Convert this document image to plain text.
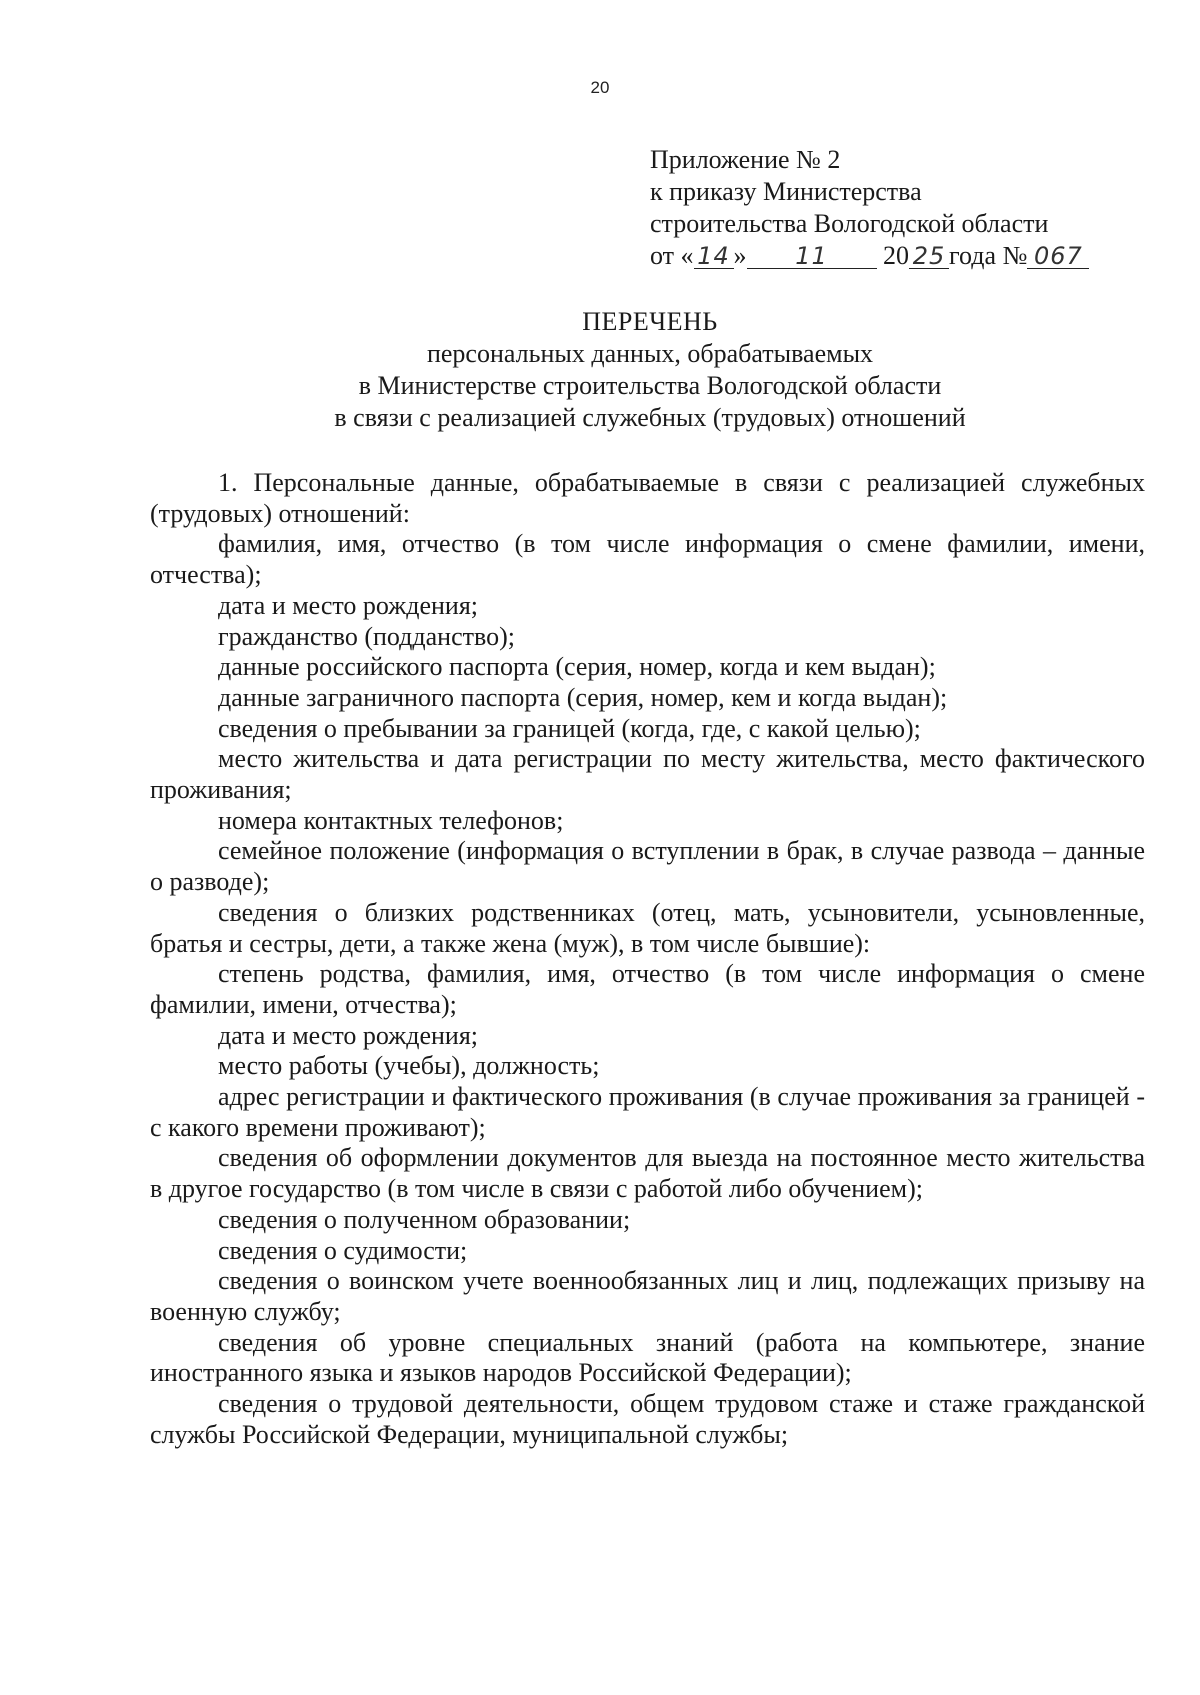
20
Приложение № 2
к приказу Министерства
строительства Вологодской области
от « 14 » 11 20 25 года № 067
ПЕРЕЧЕНЬ
персональных данных, обрабатываемых
в Министерстве строительства Вологодской области
в связи с реализацией служебных (трудовых) отношений

1. Персональные данные, обрабатываемые в связи с реализацией служебных (трудовых) отношений:

фамилия, имя, отчество (в том числе информация о смене фамилии, имени, отчества);

дата и место рождения;

гражданство (подданство);

данные российского паспорта (серия, номер, когда и кем выдан);

данные заграничного паспорта (серия, номер, кем и когда выдан);

сведения о пребывании за границей (когда, где, с какой целью);

место жительства и дата регистрации по месту жительства, место фактического проживания;

номера контактных телефонов;

семейное положение (информация о вступлении в брак, в случае развода – данные о разводе);

сведения о близких родственниках (отец, мать, усыновители, усыновленные, братья и сестры, дети, а также жена (муж), в том числе бывшие):

степень родства, фамилия, имя, отчество (в том числе информация о смене фамилии, имени, отчества);

дата и место рождения;

место работы (учебы), должность;

адрес регистрации и фактического проживания (в случае проживания за границей - с какого времени проживают);

сведения об оформлении документов для выезда на постоянное место жительства в другое государство (в том числе в связи с работой либо обучением);

сведения о полученном образовании;

сведения о судимости;

сведения о воинском учете военнообязанных лиц и лиц, подлежащих призыву на военную службу;

сведения об уровне специальных знаний (работа на компьютере, знание иностранного языка и языков народов Российской Федерации);

сведения о трудовой деятельности, общем трудовом стаже и стаже гражданской службы Российской Федерации, муниципальной службы;
